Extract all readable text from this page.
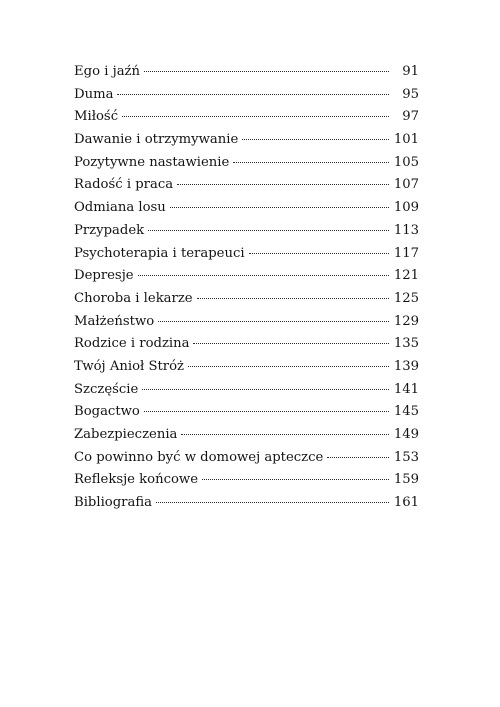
Ego i jaźń	91
Duma	95
Miłość	97
Dawanie i otrzymywanie	101
Pozytywne nastawienie	105
Radość i praca	107
Odmiana losu	109
Przypadek	113
Psychoterapia i terapeuci	117
Depresje	121
Choroba i lekarze	125
Małżeństwo	129
Rodzice i rodzina	135
Twój Anioł Stróż	139
Szczęście	141
Bogactwo	145
Zabezpieczenia	149
Co powinno być w domowej apteczce	153
Refleksje końcowe	159
Bibliografia	161
